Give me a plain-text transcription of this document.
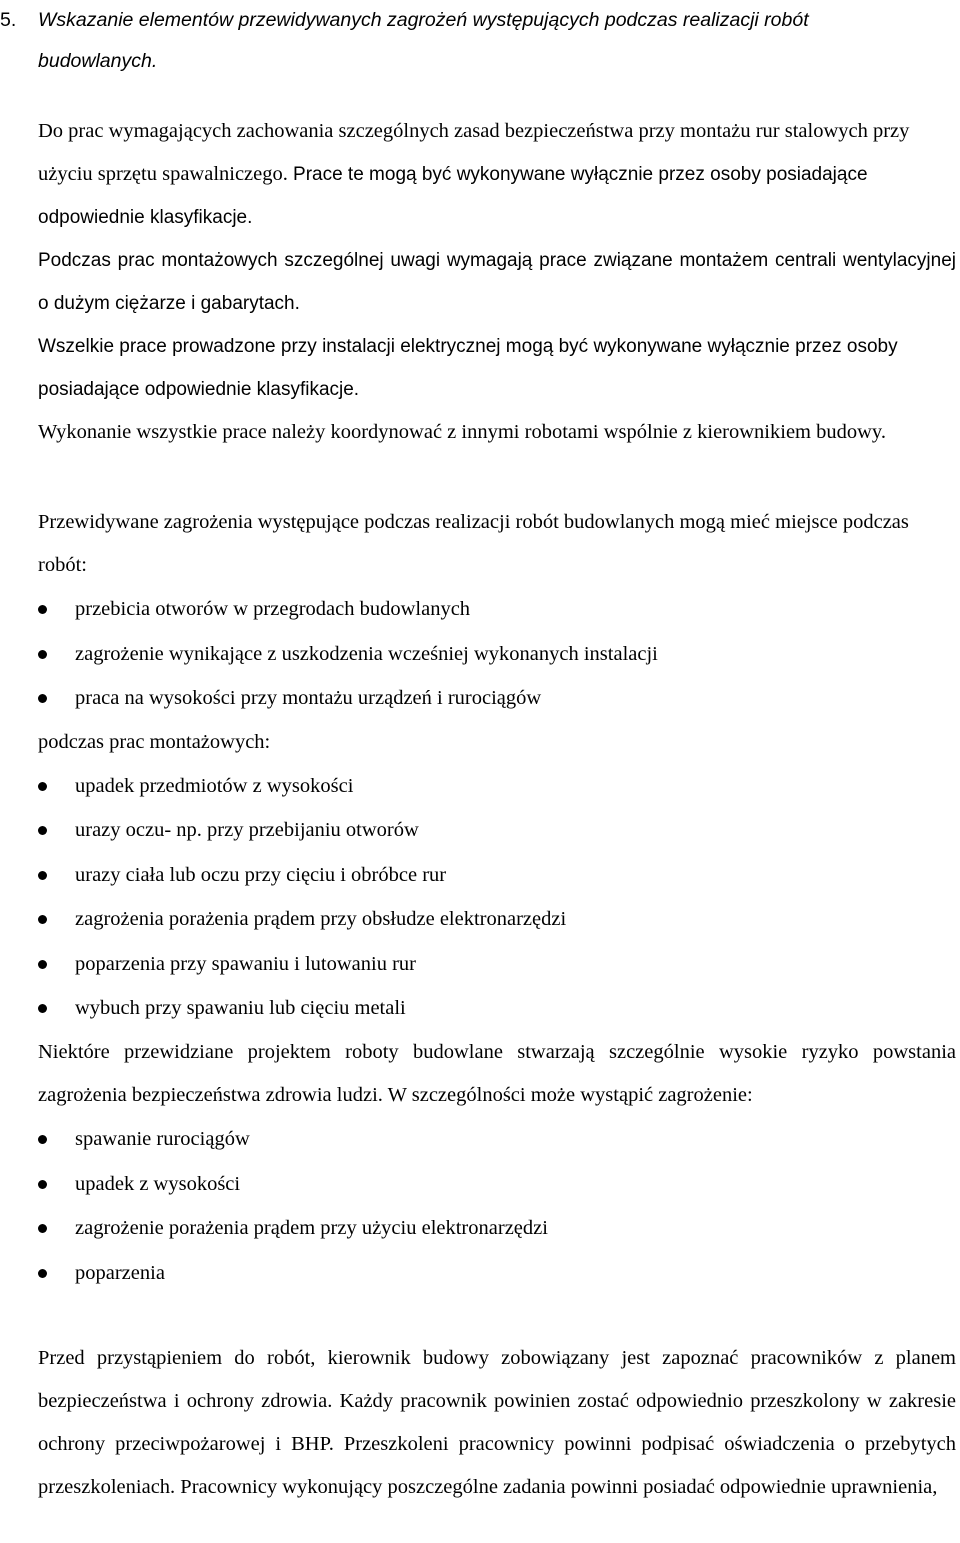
5. Wskazanie elementów przewidywanych zagrożeń występujących podczas realizacji robót
budowlanych.

Do prac wymagających zachowania szczególnych zasad bezpieczeństwa przy montażu rur stalowych przy użyciu sprzętu spawalniczego. Prace te mogą być wykonywane wyłącznie przez osoby posiadające odpowiednie klasyfikacje.

Podczas prac montażowych szczególnej uwagi wymagają prace związane montażem centrali wentylacyjnej o dużym ciężarze i gabarytach.

Wszelkie prace prowadzone przy instalacji elektrycznej mogą być wykonywane wyłącznie przez osoby posiadające odpowiednie klasyfikacje.

Wykonanie wszystkie prace należy koordynować z innymi robotami wspólnie z kierownikiem budowy.

Przewidywane zagrożenia występujące podczas realizacji robót budowlanych mogą mieć miejsce podczas robót:

przebicia otworów w przegrodach budowlanych
zagrożenie wynikające z uszkodzenia wcześniej wykonanych instalacji
praca na wysokości przy montażu urządzeń i rurociągów

podczas prac montażowych:

upadek przedmiotów z wysokości
urazy oczu- np. przy przebijaniu otworów
urazy ciała lub oczu przy cięciu i obróbce rur
zagrożenia porażenia prądem przy obsłudze elektronarzędzi
poparzenia przy spawaniu i lutowaniu rur
wybuch przy spawaniu lub cięciu metali

Niektóre przewidziane projektem roboty budowlane stwarzają szczególnie wysokie ryzyko powstania zagrożenia bezpieczeństwa zdrowia ludzi. W szczególności może wystąpić zagrożenie:

spawanie rurociągów
upadek z wysokości
zagrożenie porażenia prądem przy użyciu elektronarzędzi
poparzenia

Przed przystąpieniem do robót, kierownik budowy zobowiązany jest zapoznać pracowników z planem bezpieczeństwa i ochrony zdrowia. Każdy pracownik powinien zostać odpowiednio przeszkolony w zakresie ochrony przeciwpożarowej i BHP. Przeszkoleni pracownicy powinni podpisać oświadczenia o przebytych przeszkoleniach. Pracownicy wykonujący poszczególne zadania powinni posiadać odpowiednie uprawnienia,
